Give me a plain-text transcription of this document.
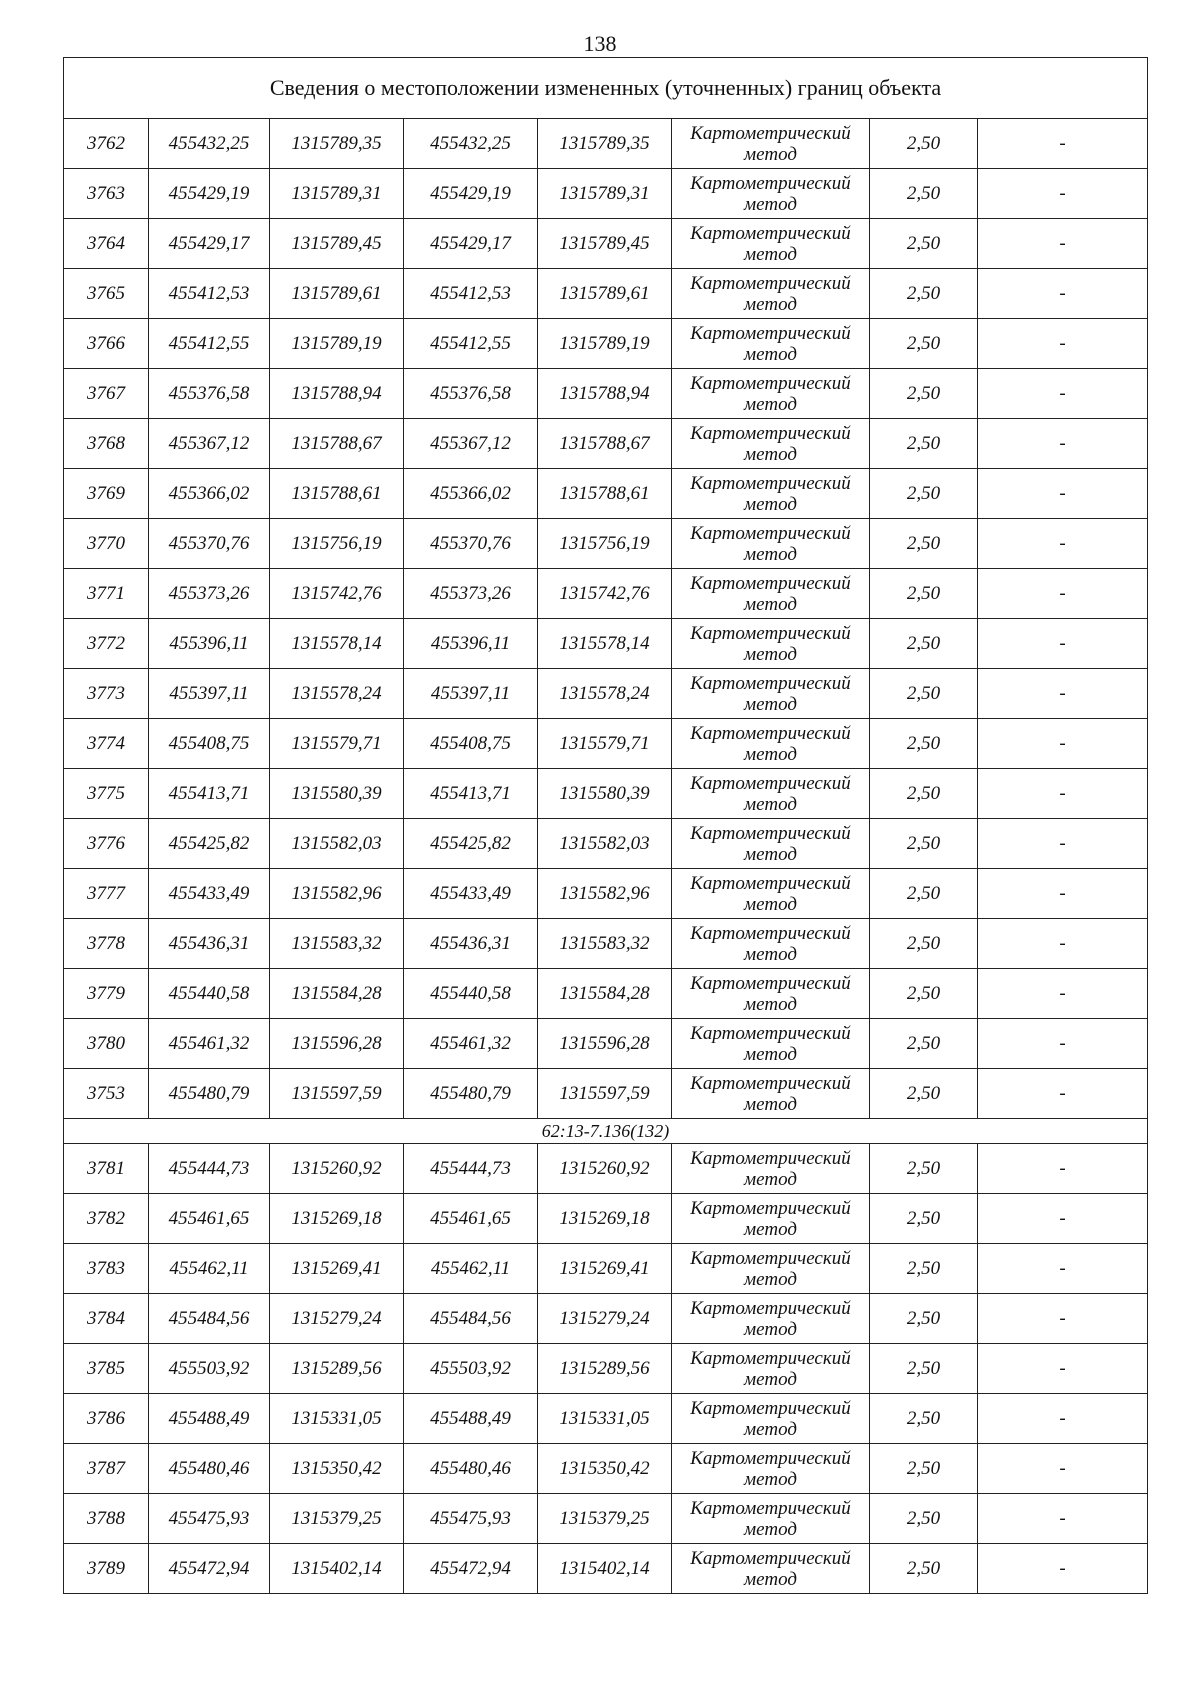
138
Сведения о местоположении измененных (уточненных) границ объекта							
3762	455432,25	1315789,35	455432,25	1315789,35	Картометрический метод	2,50	-
3763	455429,19	1315789,31	455429,19	1315789,31	Картометрический метод	2,50	-
3764	455429,17	1315789,45	455429,17	1315789,45	Картометрический метод	2,50	-
3765	455412,53	1315789,61	455412,53	1315789,61	Картометрический метод	2,50	-
3766	455412,55	1315789,19	455412,55	1315789,19	Картометрический метод	2,50	-
3767	455376,58	1315788,94	455376,58	1315788,94	Картометрический метод	2,50	-
3768	455367,12	1315788,67	455367,12	1315788,67	Картометрический метод	2,50	-
3769	455366,02	1315788,61	455366,02	1315788,61	Картометрический метод	2,50	-
3770	455370,76	1315756,19	455370,76	1315756,19	Картометрический метод	2,50	-
3771	455373,26	1315742,76	455373,26	1315742,76	Картометрический метод	2,50	-
3772	455396,11	1315578,14	455396,11	1315578,14	Картометрический метод	2,50	-
3773	455397,11	1315578,24	455397,11	1315578,24	Картометрический метод	2,50	-
3774	455408,75	1315579,71	455408,75	1315579,71	Картометрический метод	2,50	-
3775	455413,71	1315580,39	455413,71	1315580,39	Картометрический метод	2,50	-
3776	455425,82	1315582,03	455425,82	1315582,03	Картометрический метод	2,50	-
3777	455433,49	1315582,96	455433,49	1315582,96	Картометрический метод	2,50	-
3778	455436,31	1315583,32	455436,31	1315583,32	Картометрический метод	2,50	-
3779	455440,58	1315584,28	455440,58	1315584,28	Картометрический метод	2,50	-
3780	455461,32	1315596,28	455461,32	1315596,28	Картометрический метод	2,50	-
3753	455480,79	1315597,59	455480,79	1315597,59	Картометрический метод	2,50	-
62:13-7.136(132)							
3781	455444,73	1315260,92	455444,73	1315260,92	Картометрический метод	2,50	-
3782	455461,65	1315269,18	455461,65	1315269,18	Картометрический метод	2,50	-
3783	455462,11	1315269,41	455462,11	1315269,41	Картометрический метод	2,50	-
3784	455484,56	1315279,24	455484,56	1315279,24	Картометрический метод	2,50	-
3785	455503,92	1315289,56	455503,92	1315289,56	Картометрический метод	2,50	-
3786	455488,49	1315331,05	455488,49	1315331,05	Картометрический метод	2,50	-
3787	455480,46	1315350,42	455480,46	1315350,42	Картометрический метод	2,50	-
3788	455475,93	1315379,25	455475,93	1315379,25	Картометрический метод	2,50	-
3789	455472,94	1315402,14	455472,94	1315402,14	Картометрический метод	2,50	-
